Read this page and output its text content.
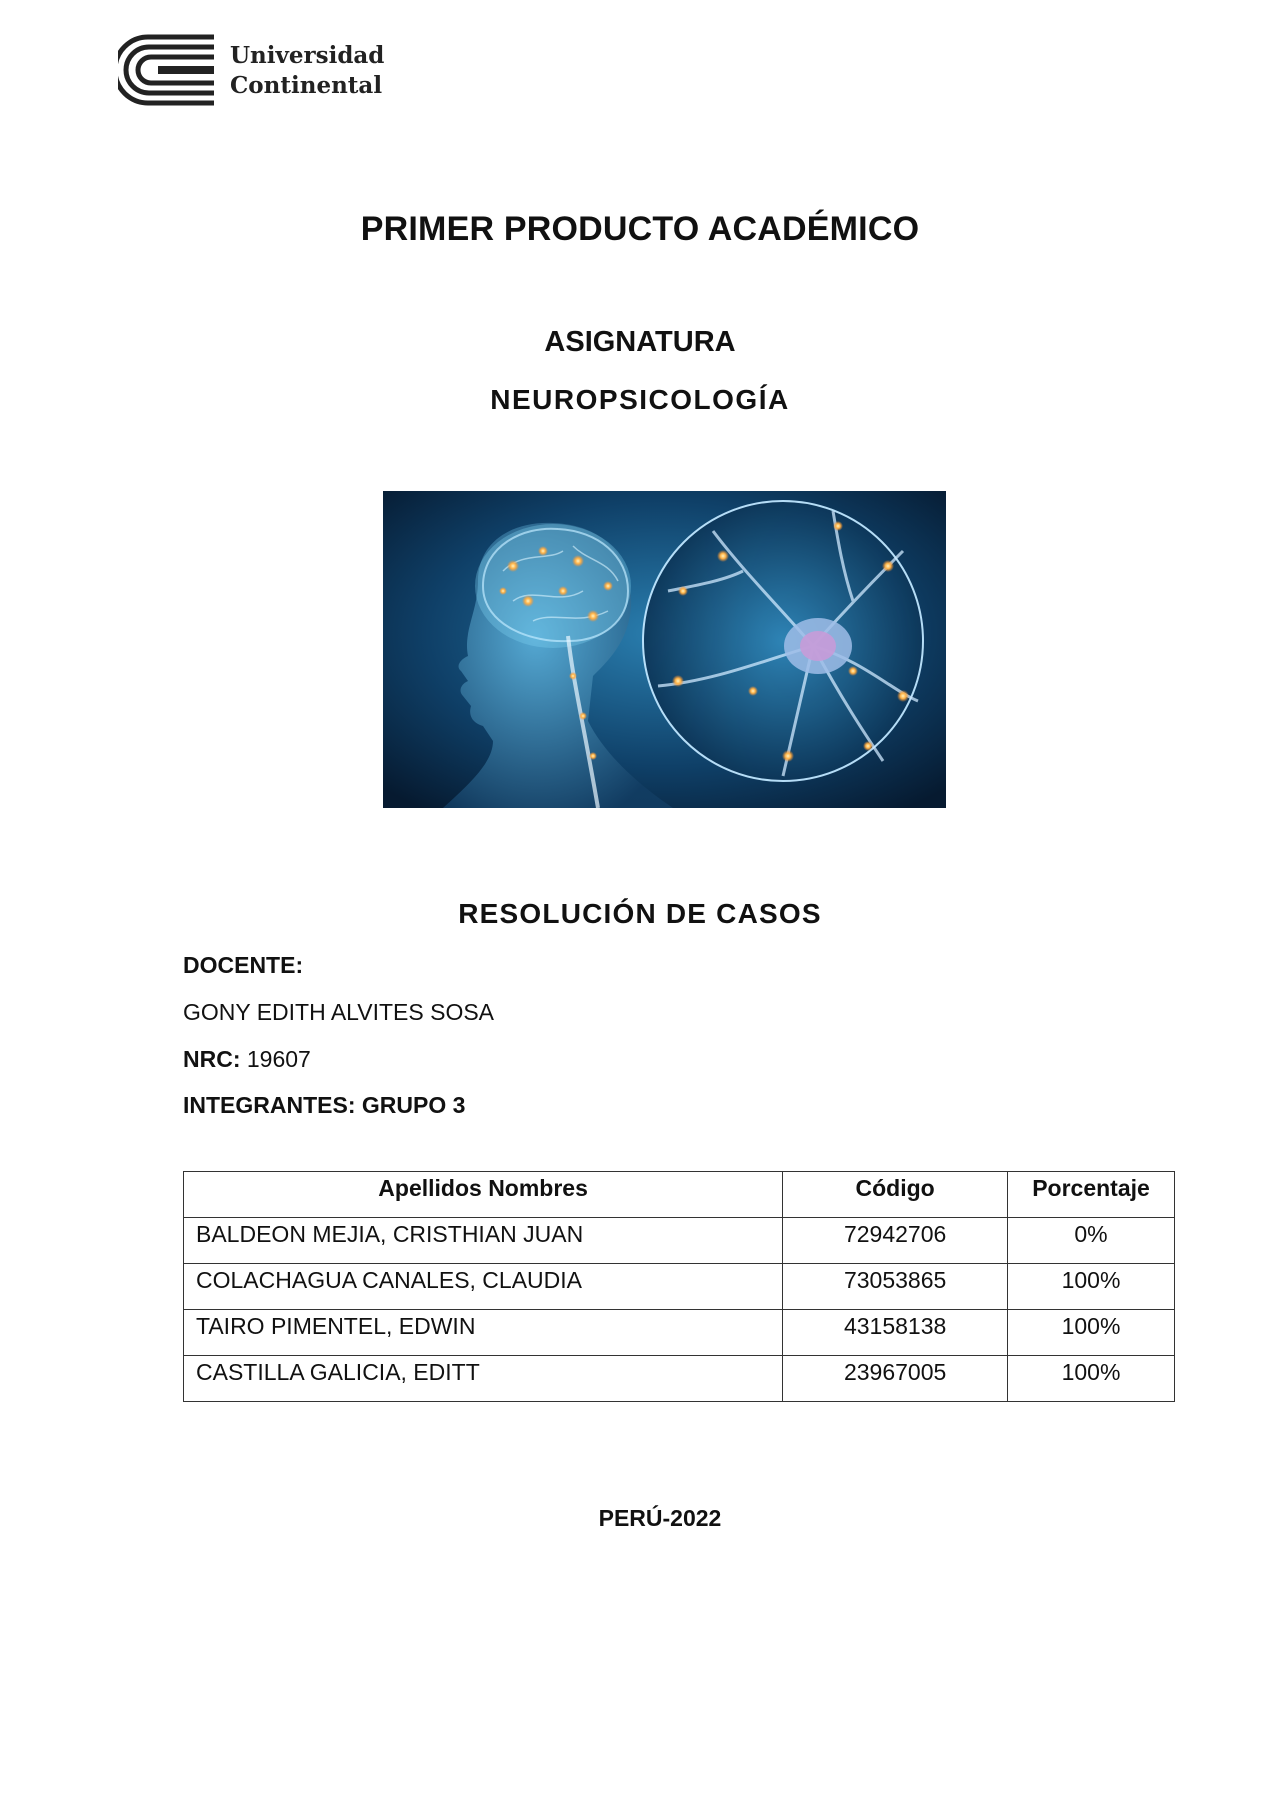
Universidad
Continental
PRIMER PRODUCTO ACADÉMICO
ASIGNATURA
NEUROPSICOLOGÍA
RESOLUCIÓN DE CASOS
DOCENTE:
GONY EDITH ALVITES SOSA
NRC: 19607
INTEGRANTES: GRUPO 3
Apellidos Nombres	Código	Porcentaje
BALDEON MEJIA, CRISTHIAN JUAN	72942706	0%
COLACHAGUA CANALES, CLAUDIA	73053865	100%
TAIRO PIMENTEL, EDWIN	43158138	100%
CASTILLA GALICIA, EDITT	23967005	100%
PERÚ-2022
